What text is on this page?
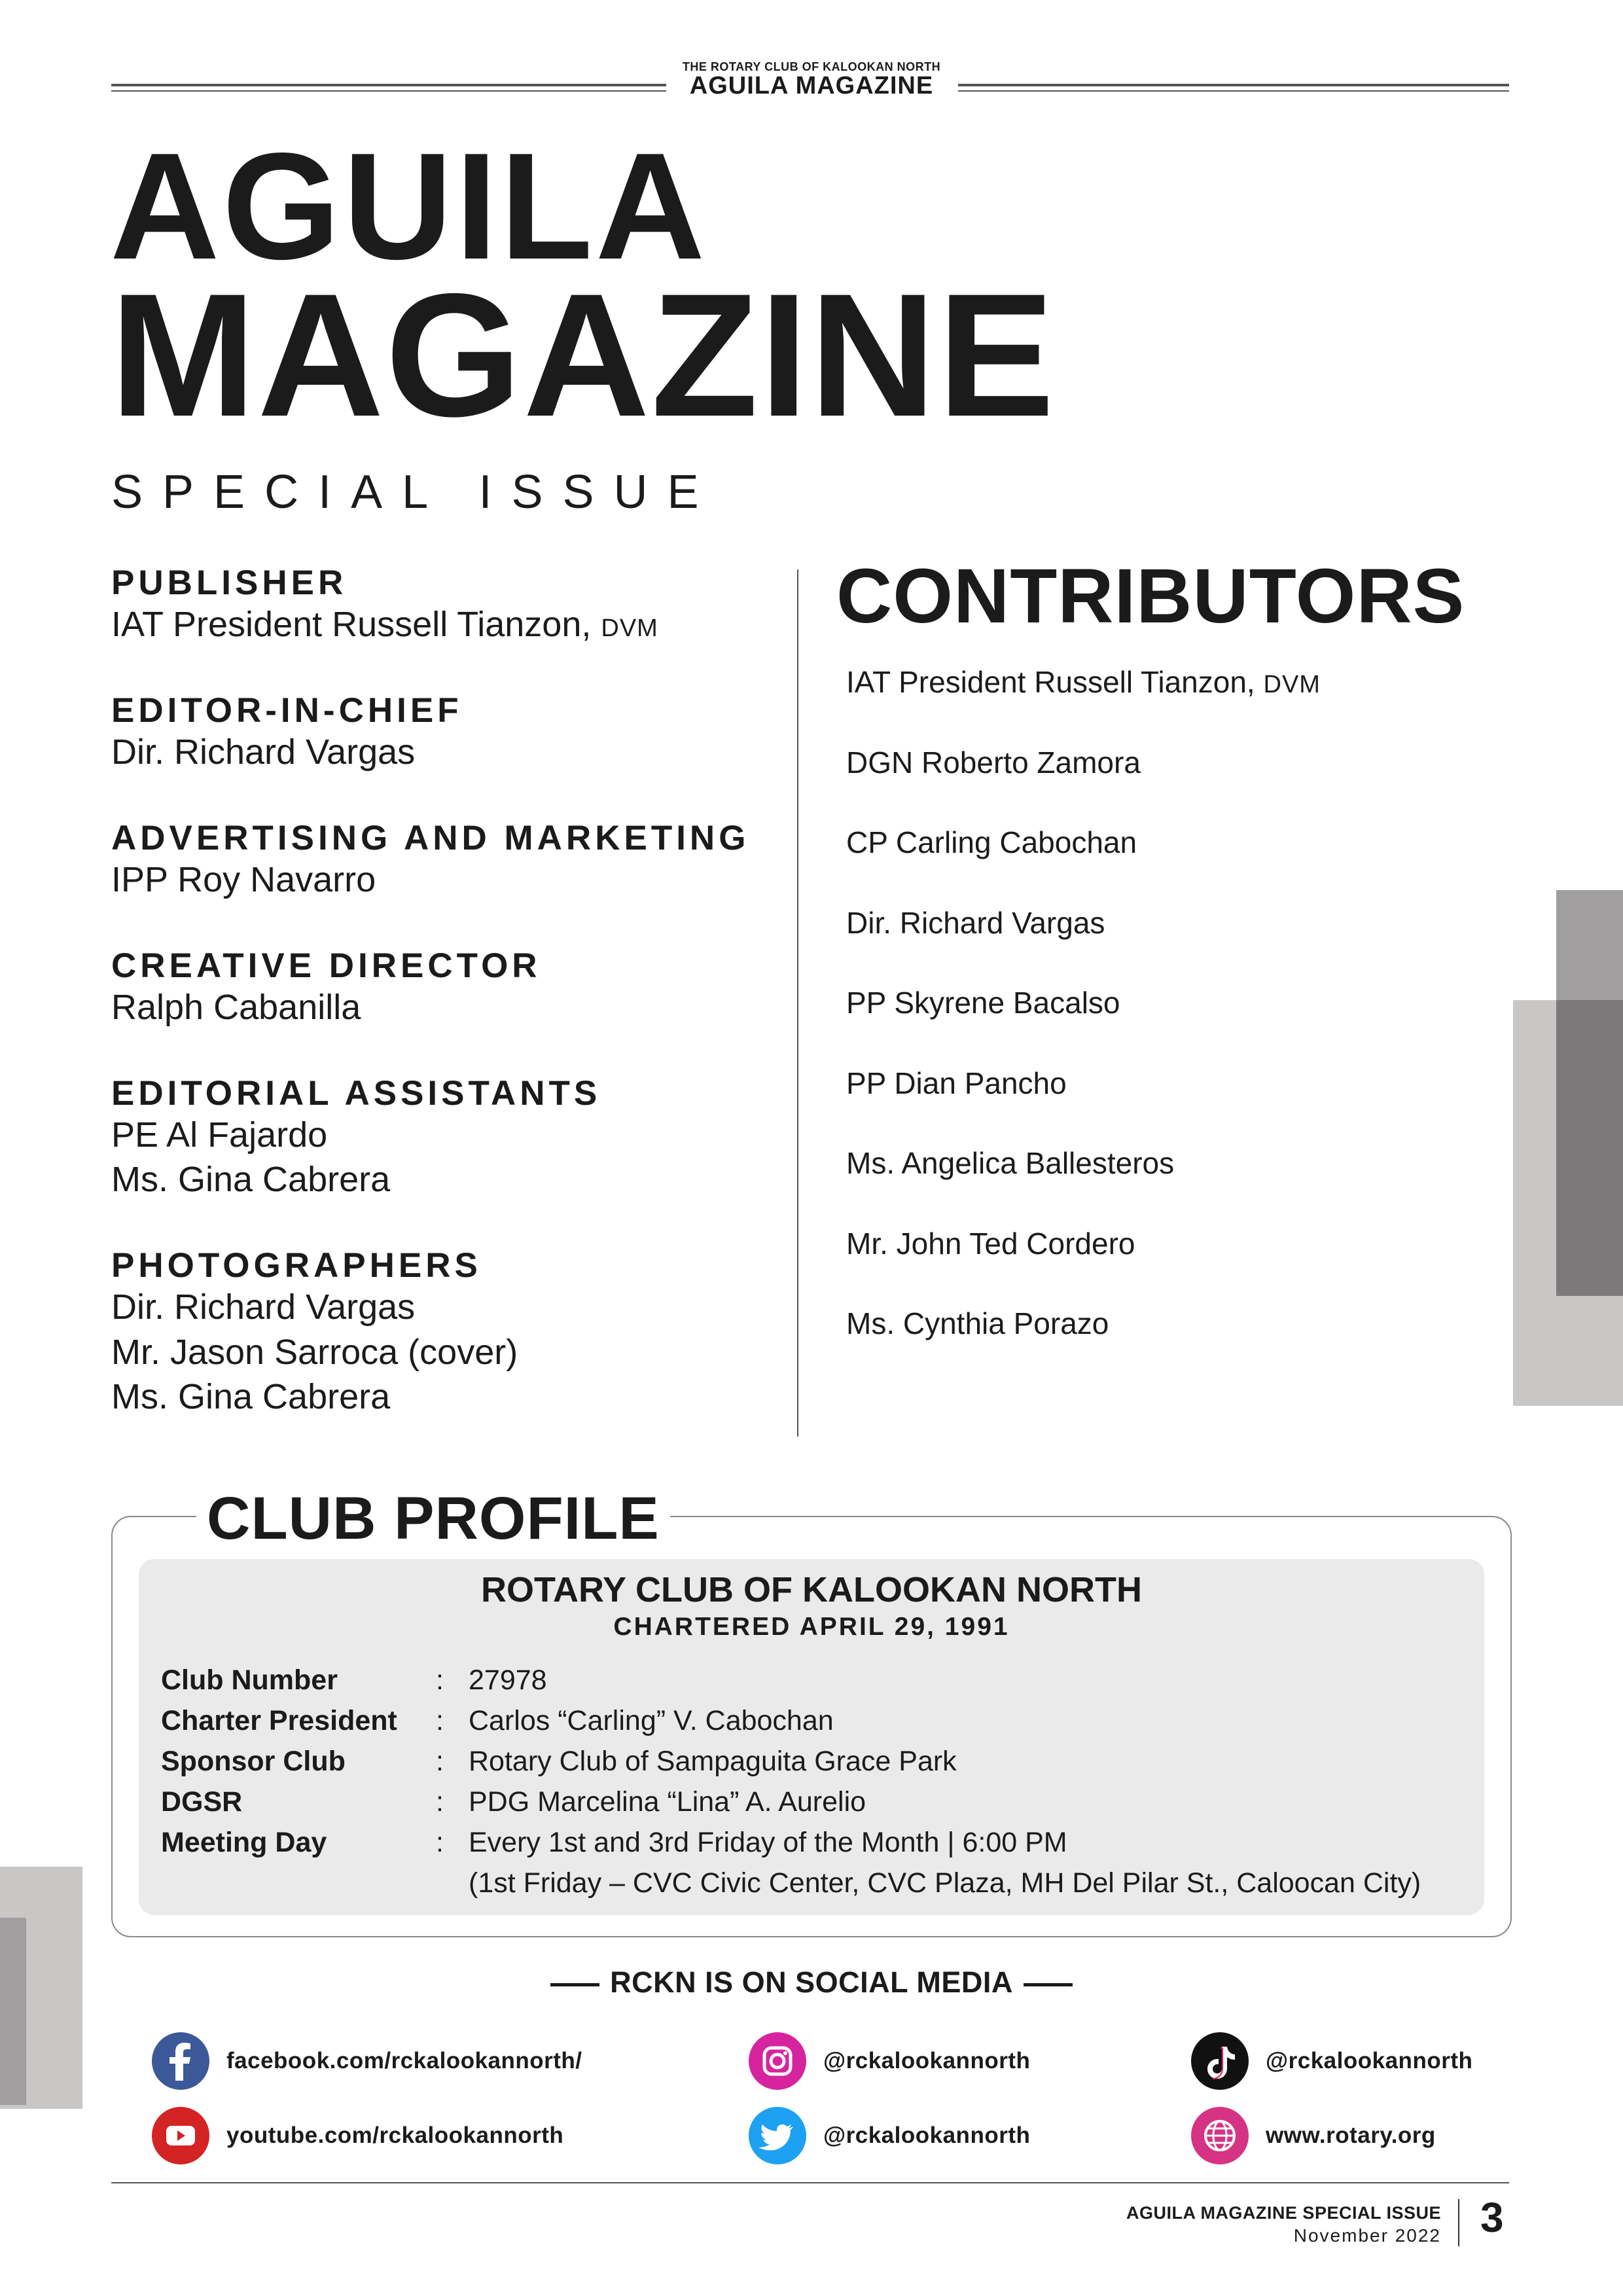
THE ROTARY CLUB OF KALOOKAN NORTH
AGUILA MAGAZINE
AGUILA
MAGAZINE
SPECIAL ISSUE
PUBLISHER
IAT President Russell Tianzon, DVM
EDITOR-IN-CHIEF
Dir. Richard Vargas
ADVERTISING AND MARKETING
IPP Roy Navarro
CREATIVE DIRECTOR
Ralph Cabanilla
EDITORIAL ASSISTANTS
PE Al Fajardo
Ms. Gina Cabrera
PHOTOGRAPHERS
Dir. Richard Vargas
Mr. Jason Sarroca (cover)
Ms. Gina Cabrera
CONTRIBUTORS
IAT President Russell Tianzon, DVM
DGN Roberto Zamora
CP Carling Cabochan
Dir. Richard Vargas
PP Skyrene Bacalso
PP Dian Pancho
Ms. Angelica Ballesteros
Mr. John Ted Cordero
Ms. Cynthia Porazo
CLUB PROFILE
ROTARY CLUB OF KALOOKAN NORTH
CHARTERED APRIL 29, 1991
Club Number	:	27978
Charter President	:	Carlos “Carling” V. Cabochan
Sponsor Club	:	Rotary Club of Sampaguita Grace Park
DGSR	:	PDG Marcelina “Lina” A. Aurelio
Meeting Day	:	Every 1st and 3rd Friday of the Month | 6:00 PM
		(1st Friday – CVC Civic Center, CVC Plaza, MH Del Pilar St., Caloocan City)
RCKN IS ON SOCIAL MEDIA
facebook.com/rckalookannorth/	@rckalookannorth	@rckalookannorth
youtube.com/rckalookannorth	@rckalookannorth	www.rotary.org
AGUILA MAGAZINE SPECIAL ISSUE
November 2022 3
